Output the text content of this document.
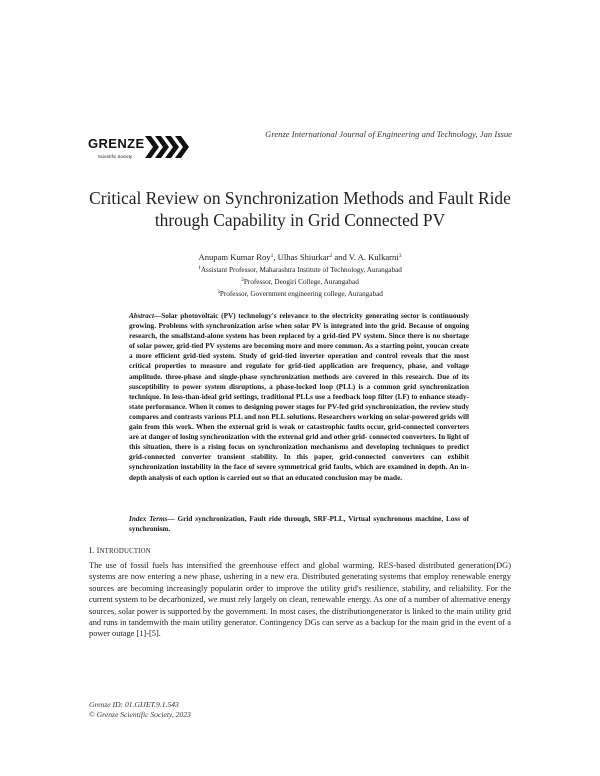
Grenze International Journal of Engineering and Technology, Jan Issue
GRENZE
Scientific Society
Critical Review on Synchronization Methods and Fault Ride through Capability in Grid Connected PV
Anupam Kumar Roy$^1$, Ulhas Shiurkar$^2$ and V. A. Kulkarni$^3$
$^1$Assistant Professor, Maharashtra Institute of Technology, Aurangabad
$^2$Professor, Deogiri College, Aurangabad
$^3$Professor, Government engineering college, Aurangabad

Abstract—Solar photovoltaic (PV) technology's relevance to the electricity generating sector is continuously growing. Problems with synchronization arise when solar PV is integrated into the grid. Because of ongoing research, the smallstand-alone system has been replaced by a grid-tied PV system. Since there is no shortage of solar power, grid-tied PV systems are becoming more and more common. As a starting point, youcan create a more efficient grid-tied system. Study of grid-tied inverter operation and control reveals that the most critical properties to measure and regulate for grid-tied application are frequency, phase, and voltage amplitude. three-phase and single-phase synchronization methods are covered in this research. Due of its susceptibility to power system disruptions, a phase-locked loop (PLL) is a common grid synchronization technique. In less-than-ideal grid settings, traditional PLLs use a feedback loop filter (LF) to enhance steady-state performance. When it comes to designing power stages for PV-fed grid synchronization, the review study compares and contrasts various PLL and non PLL solutions. Researchers working on solar-powered grids will gain from this work. When the external grid is weak or catastrophic faults occur, grid-connected converters are at danger of losing synchronization with the external grid and other grid- connected converters. In light of this situation, there is a rising focus on synchronization mechanisms and developing techniques to predict grid-connected converter transient stability. In this paper, grid-connected converters can exhibit synchronization instability in the face of severe symmetrical grid faults, which are examined in depth. An in-depth analysis of each option is carried out so that an educated conclusion may be made.

Index Terms— Grid synchronization, Fault ride through, SRF-PLL, Virtual synchronous machine, Loss of synchronism.

I. INTRODUCTION

The use of fossil fuels has intensified the greenhouse effect and global warming. RES-based distributed generation(DG) systems are now entering a new phase, ushering in a new era. Distributed generating systems that employ renewable energy sources are becoming increasingly popularin order to improve the utility grid's resilience, stability, and reliability. For the current system to be decarbonized, we must rely largely on clean, renewable energy. As one of a number of alternative energy sources, solar power is supported by the government. In most cases, the distributiongenerator is linked to the main utility grid and runs in tandemwith the main utility generator. Contingency DGs can serve as a backup for the main grid in the event of a power outage [1]-[5].

Grenze ID: 01.GIJET.9.1.543
© Grenze Scientific Society, 2023
